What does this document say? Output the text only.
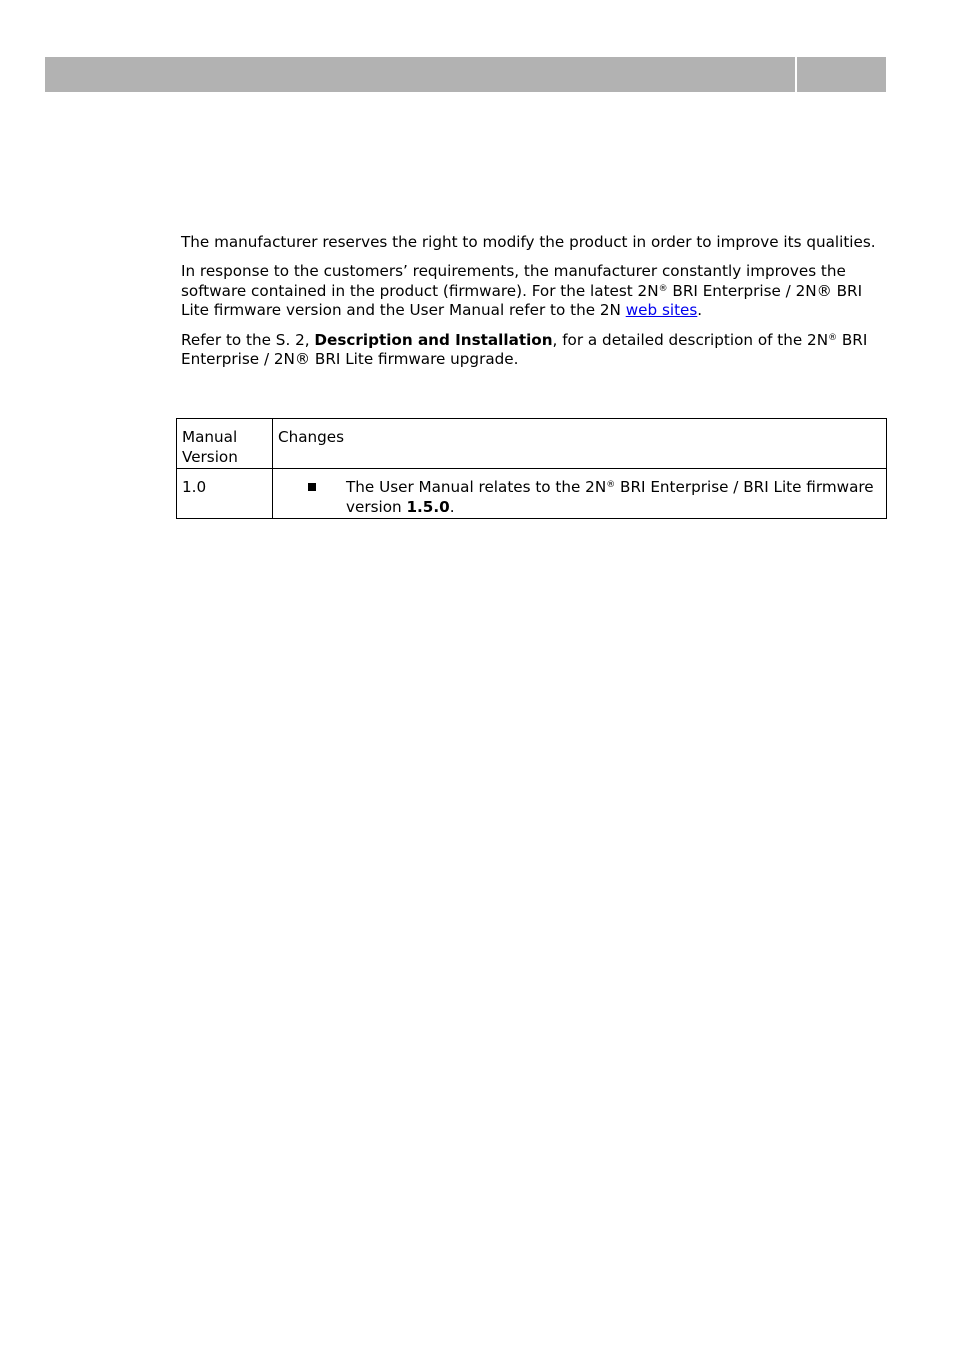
The manufacturer reserves the right to modify the product in order to improve its qualities.

In response to the customers’ requirements, the manufacturer constantly improves the software contained in the product (firmware). For the latest 2N® BRI Enterprise / 2N® BRI Lite firmware version and the User Manual refer to the 2N web sites.

Refer to the S. 2, Description and Installation, for a detailed description of the 2N® BRI Enterprise / 2N® BRI Lite firmware upgrade.

Manual Version	Changes
1.0	The User Manual relates to the 2N® BRI Enterprise / BRI Lite firmware version 1.5.0.
